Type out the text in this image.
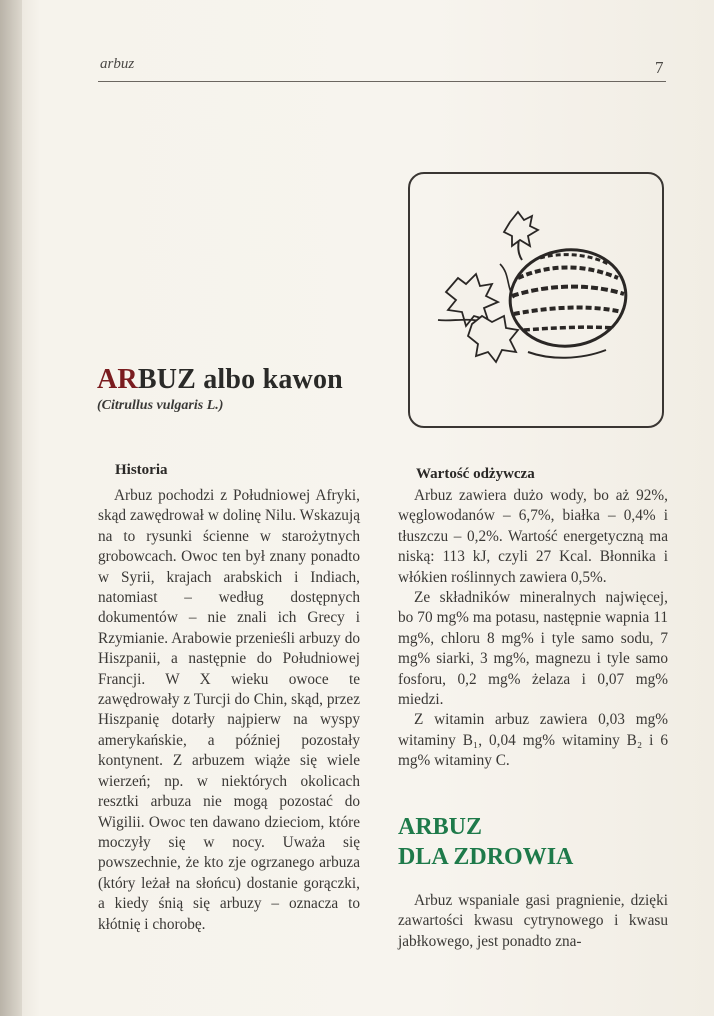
arbuz	7
ARBUZ albo kawon
(Citrullus vulgaris L.)
Historia

Arbuz pochodzi z Południowej Afryki, skąd zawędrował w dolinę Nilu. Wskazują na to rysunki ścienne w starożytnych grobowcach. Owoc ten był znany ponadto w Syrii, krajach arabskich i Indiach, natomiast – według dostępnych dokumentów – nie znali ich Grecy i Rzymianie. Arabowie przenieśli arbuzy do Hiszpanii, a następnie do Południowej Francji. W X wieku owoce te zawędrowały z Turcji do Chin, skąd, przez Hiszpanię dotarły najpierw na wyspy amerykańskie, a później pozostały kontynent. Z arbuzem wiąże się wiele wierzeń; np. w niektórych okolicach resztki arbuza nie mogą pozostać do Wigilii. Owoc ten dawano dzieciom, które moczyły się w nocy. Uważa się powszechnie, że kto zje ogrzanego arbuza (który leżał na słońcu) dostanie gorączki, a kiedy śnią się arbuzy – oznacza to kłótnię i chorobę.

Wartość odżywcza

Arbuz zawiera dużo wody, bo aż 92%, węglowodanów – 6,7%, białka – 0,4% i tłuszczu – 0,2%. Wartość energetyczną ma niską: 113 kJ, czyli 27 Kcal. Błonnika i włókien roślinnych zawiera 0,5%.

Ze składników mineralnych najwięcej, bo 70 mg% ma potasu, następnie wapnia 11 mg%, chloru 8 mg% i tyle samo sodu, 7 mg% siarki, 3 mg%, magnezu i tyle samo fosforu, 0,2 mg% żelaza i 0,07 mg% miedzi.

Z witamin arbuz zawiera 0,03 mg% witaminy B₁, 0,04 mg% witaminy B₂ i 6 mg% witaminy C.

ARBUZ
DLA ZDROWIA

Arbuz wspaniale gasi pragnienie, dzięki zawartości kwasu cytrynowego i kwasu jabłkowego, jest ponadto zna-
